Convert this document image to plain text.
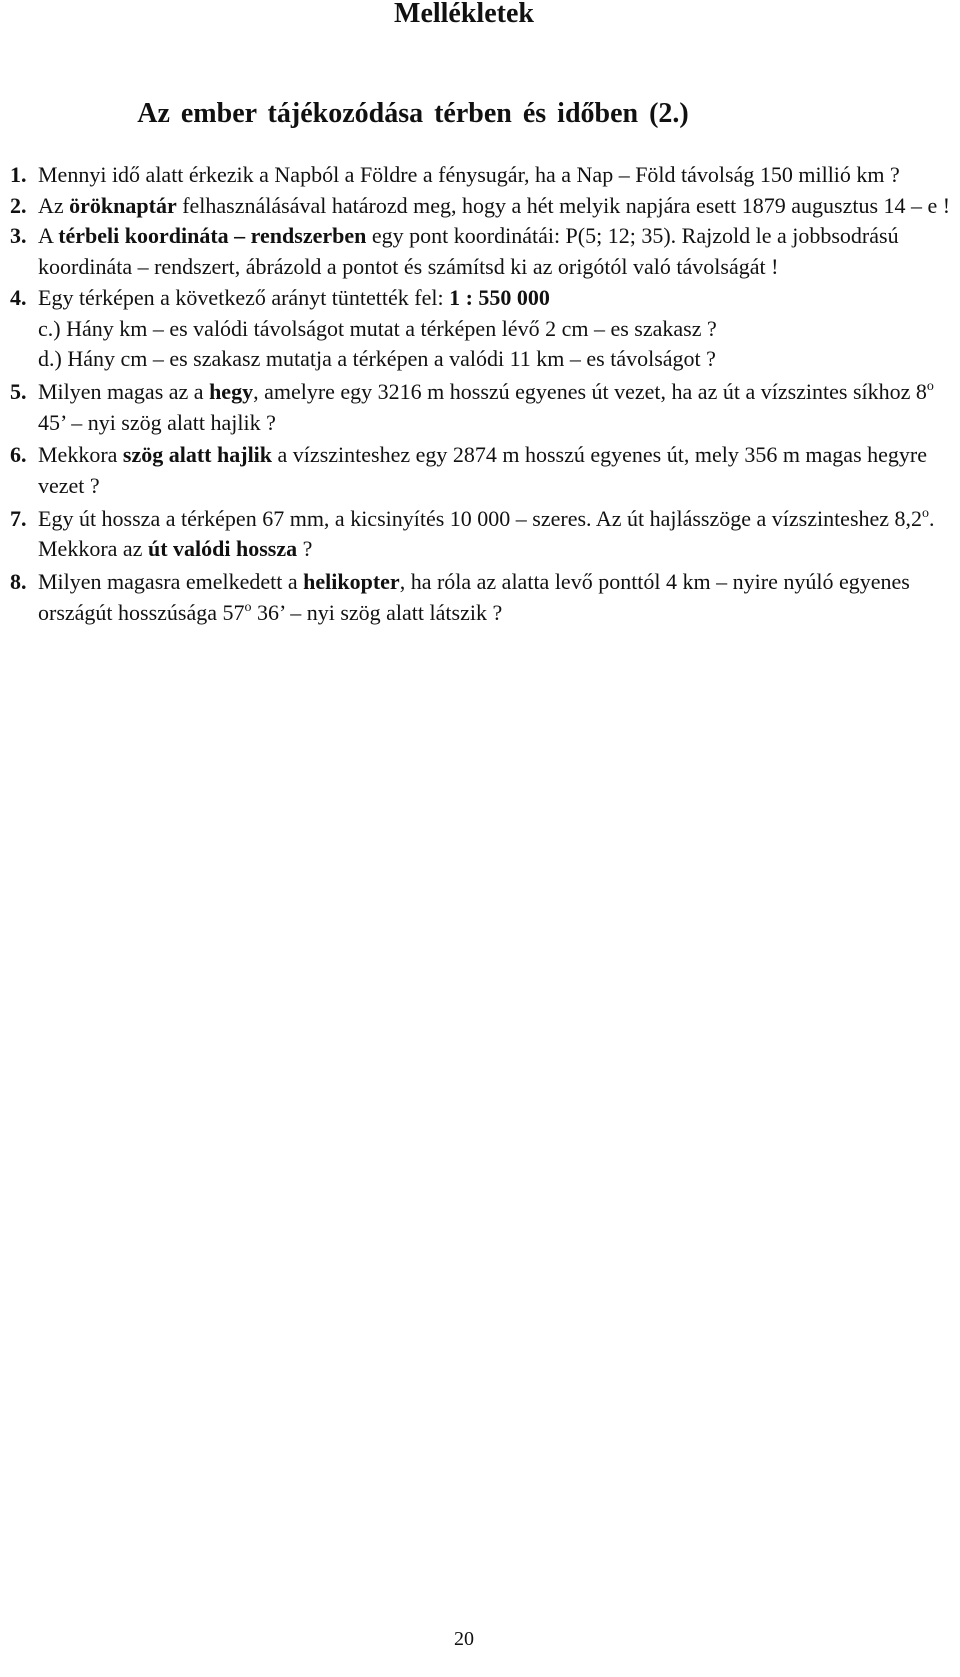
Mellékletek
Az ember tájékozódása térben és időben (2.)

1. Mennyi idő alatt érkezik a Napból a Földre a fénysugár, ha a Nap – Föld távolság 150 millió km ?

2. Az öröknaptár felhasználásával határozd meg, hogy a hét melyik napjára esett 1879 augusztus 14 – e !

3. A térbeli koordináta – rendszerben egy pont koordinátái: P(5; 12; 35). Rajzold le a jobbsodrású koordináta – rendszert, ábrázold a pontot és számítsd ki az origótól való távolságát !

4. Egy térképen a következő arányt tüntették fel: 1 : 550 000

c.) Hány km – es valódi távolságot mutat a térképen lévő 2 cm – es szakasz ?

d.) Hány cm – es szakasz mutatja a térképen a valódi 11 km – es távolságot ?

5. Milyen magas az a hegy, amelyre egy 3216 m hosszú egyenes út vezet, ha az út a vízszintes síkhoz 8$^o$ 45’ – nyi szög alatt hajlik ?

6. Mekkora szög alatt hajlik a vízszinteshez egy 2874 m hosszú egyenes út, mely 356 m magas hegyre vezet ?

7. Egy út hossza a térképen 67 mm, a kicsinyítés 10 000 – szeres. Az út hajlásszöge a vízszinteshez 8,2$^o$. Mekkora az út valódi hossza ?

8. Milyen magasra emelkedett a helikopter, ha róla az alatta levő ponttól 4 km – nyire nyúló egyenes országút hosszúsága 57$^o$ 36’ – nyi szög alatt látszik ?

20
